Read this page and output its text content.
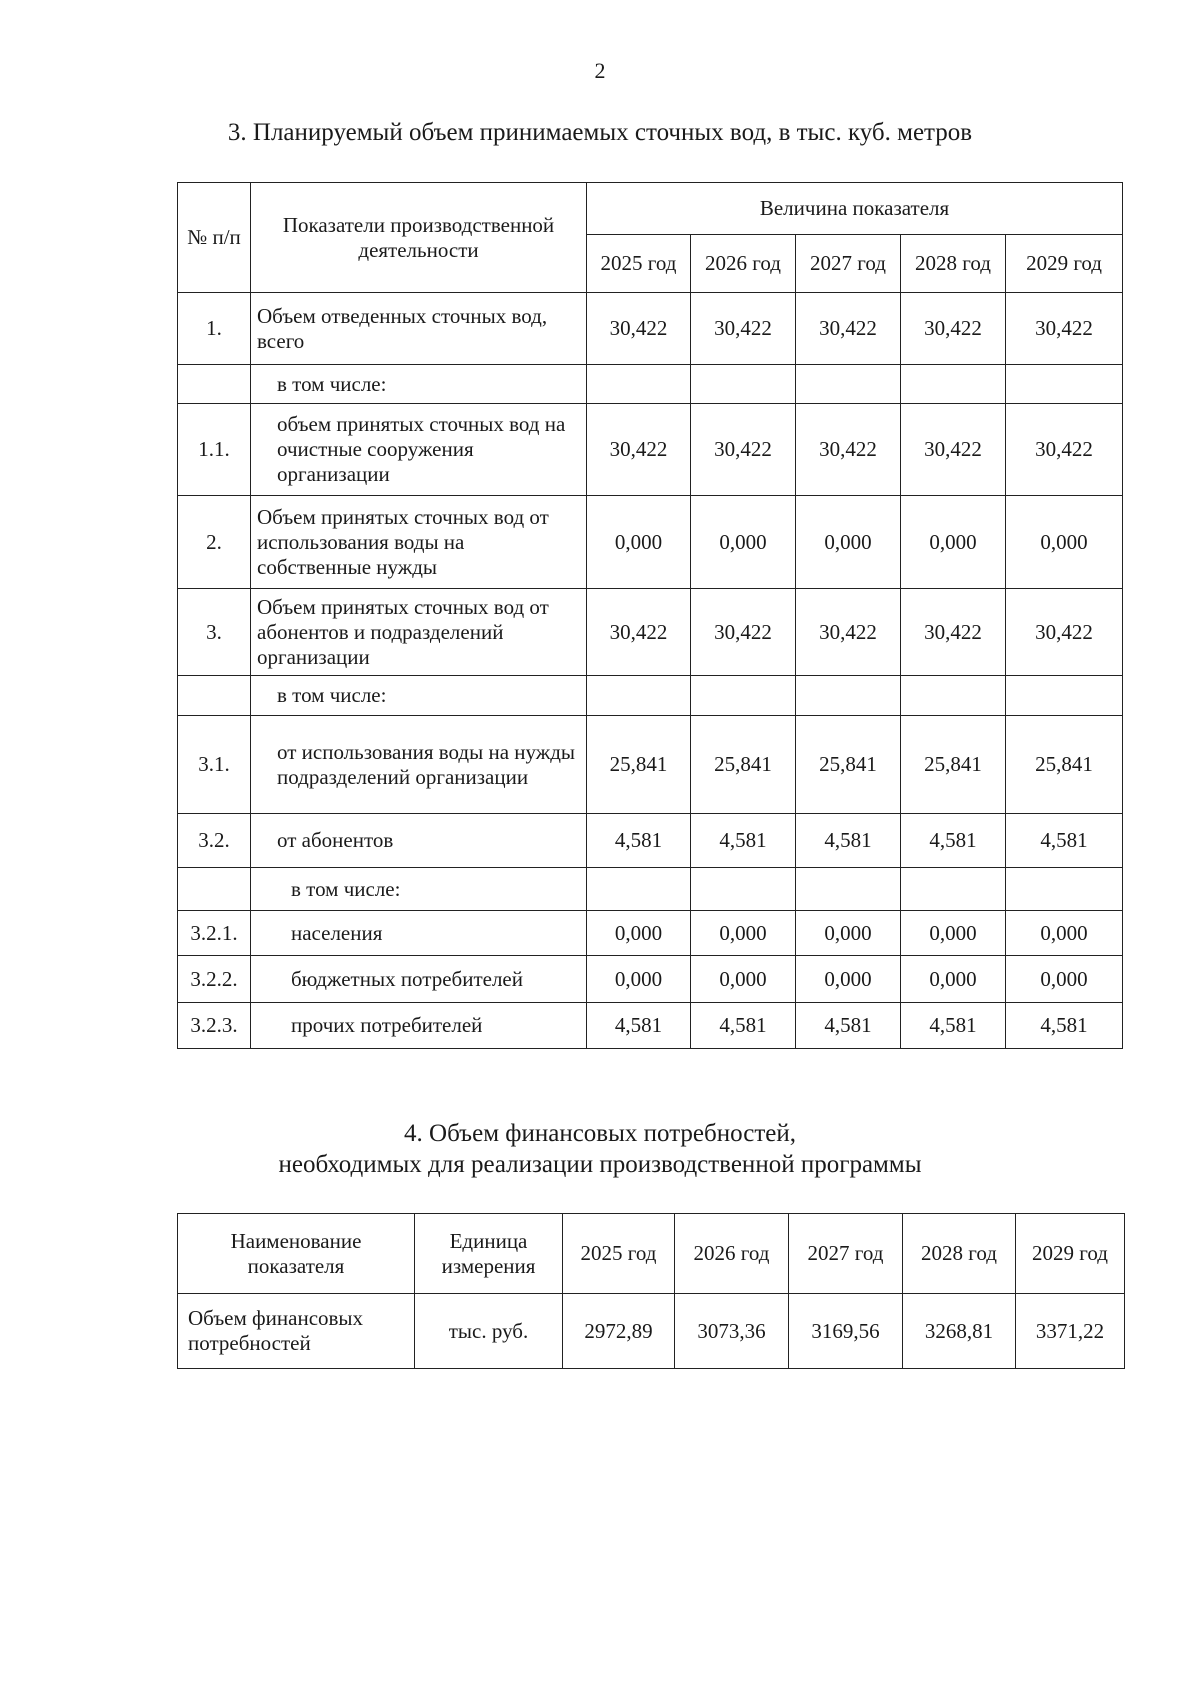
2
3. Планируемый объем принимаемых сточных вод, в тыс. куб. метров
№ п/п	Показатели производственной деятельности	Величина показателя				
		2025 год	2026 год	2027 год	2028 год	2029 год
1.	Объем отведенных сточных вод, всего	30,422	30,422	30,422	30,422	30,422
	в том числе:					
1.1.	объем принятых сточных вод на очистные сооружения организации	30,422	30,422	30,422	30,422	30,422
2.	Объем принятых сточных вод от использования воды на собственные нужды	0,000	0,000	0,000	0,000	0,000
3.	Объем принятых сточных вод от абонентов и подразделений организации	30,422	30,422	30,422	30,422	30,422
	в том числе:					
3.1.	от использования воды на нужды подразделений организации	25,841	25,841	25,841	25,841	25,841
3.2.	от абонентов	4,581	4,581	4,581	4,581	4,581
	в том числе:					
3.2.1.	населения	0,000	0,000	0,000	0,000	0,000
3.2.2.	бюджетных потребителей	0,000	0,000	0,000	0,000	0,000
3.2.3.	прочих потребителей	4,581	4,581	4,581	4,581	4,581
4. Объем финансовых потребностей,
необходимых для реализации производственной программы
Наименование показателя	Единица измерения	2025 год	2026 год	2027 год	2028 год	2029 год
Объем финансовых потребностей	тыс. руб.	2972,89	3073,36	3169,56	3268,81	3371,22
